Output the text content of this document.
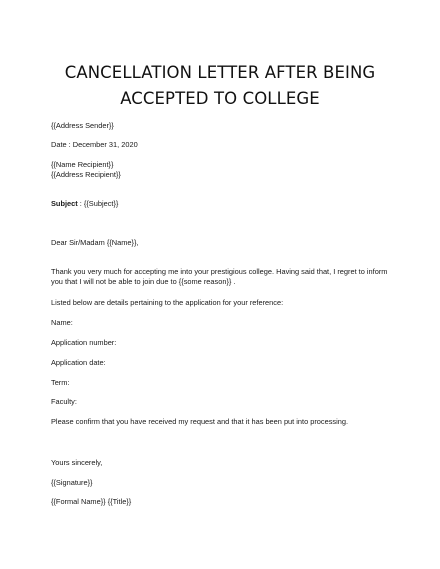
CANCELLATION LETTER AFTER BEING
ACCEPTED TO COLLEGE
{{Address Sender}}
Date : December 31, 2020
{{Name Recipient}}
{{Address Recipient}}
Subject : {{Subject}}
Dear Sir/Madam {{Name}},
Thank you very much for accepting me into your prestigious college. Having said that, I regret to inform you that I will not be able to join due to {{some reason}} .
Listed below are details pertaining to the application for your reference:
Name:
Application number:
Application date:
Term:
Faculty:
Please confirm that you have received my request and that it has been put into processing.
Yours sincerely,
{{Signature}}
{{Formal Name}} {{Title}}
